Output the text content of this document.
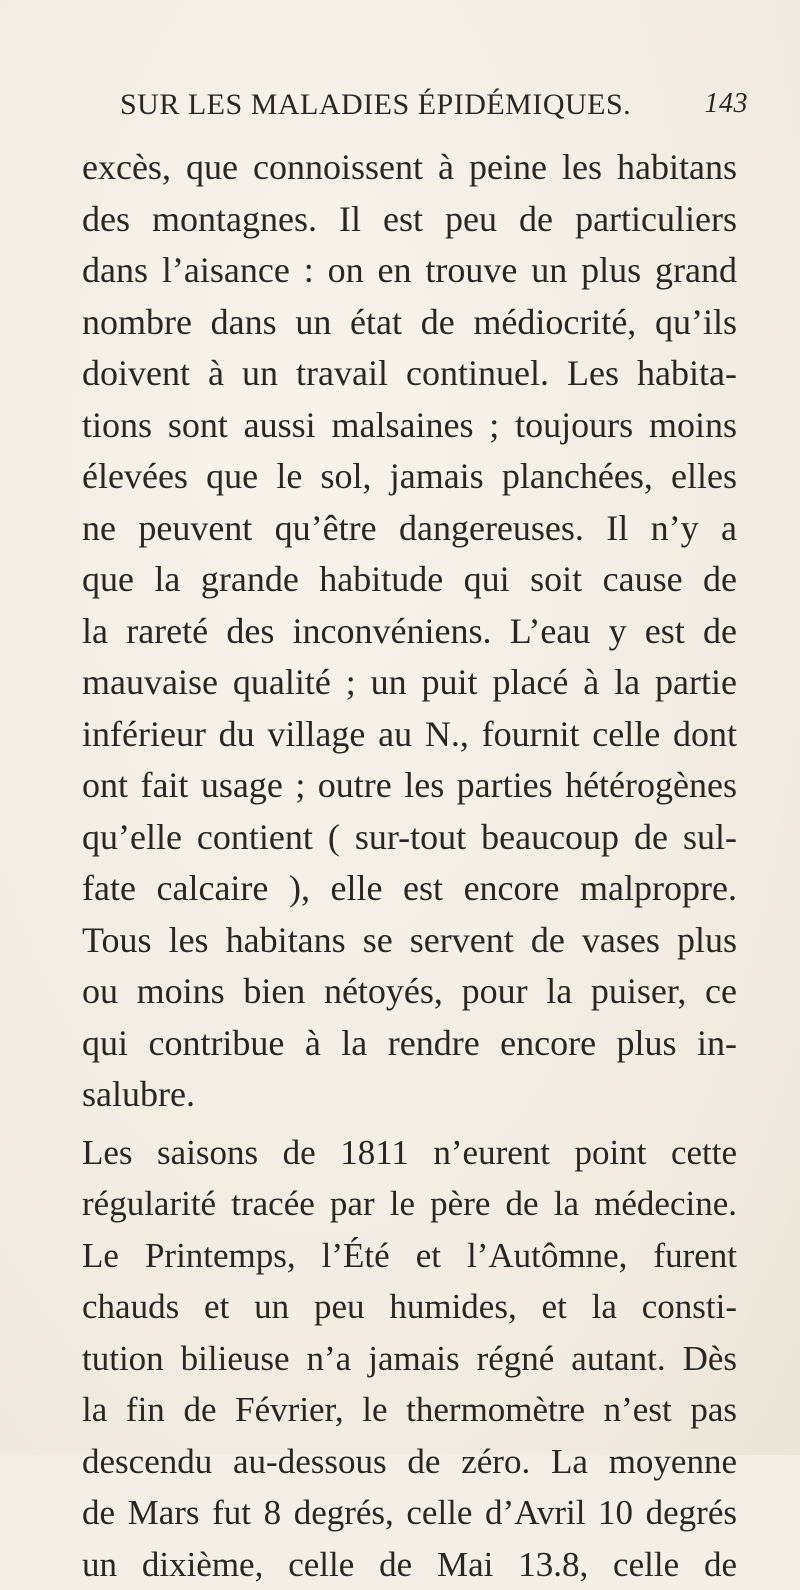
SUR LES MALADIES ÉPIDÉMIQUES.	143
excès, que connoissent à peine les habitans
des montagnes. Il est peu de particuliers
dans l’aisance : on en trouve un plus grand
nombre dans un état de médiocrité, qu’ils
doivent à un travail continuel. Les habita-
tions sont aussi malsaines ; toujours moins
élevées que le sol, jamais planchées, elles
ne peuvent qu’être dangereuses. Il n’y a
que la grande habitude qui soit cause de
la rareté des inconvéniens. L’eau y est de
mauvaise qualité ; un puit placé à la partie
inférieur du village au N., fournit celle dont
ont fait usage ; outre les parties hétérogènes
qu’elle contient ( sur-tout beaucoup de sul-
fate calcaire ), elle est encore malpropre.
Tous les habitans se servent de vases plus
ou moins bien nétoyés, pour la puiser, ce
qui contribue à la rendre encore plus in-
salubre.
Les saisons de 1811 n’eurent point cette
régularité tracée par le père de la médecine.
Le Printemps, l’Été et l’Autômne, furent
chauds et un peu humides, et la consti-
tution bilieuse n’a jamais régné autant. Dès
la fin de Février, le thermomètre n’est pas
descendu au-dessous de zéro. La moyenne
de Mars fut 8 degrés, celle d’Avril 10 degrés
un dixième, celle de Mai 13.8, celle de
